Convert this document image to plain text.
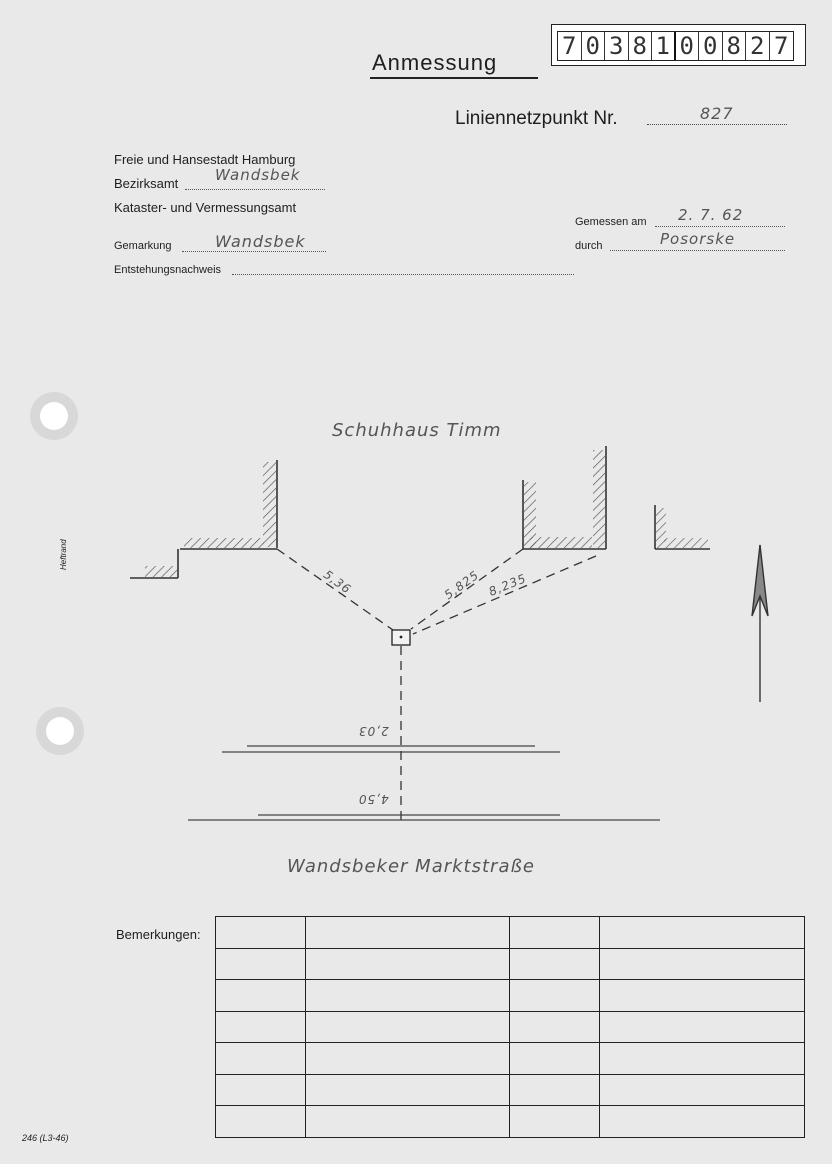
Anmessung
7 0 3 8 1 0 0 8 2 7
Liniennetzpunkt Nr.	827
Freie und Hansestadt Hamburg
Bezirksamt Wandsbek
Kataster- und Vermessungsamt
Gemarkung	Wandsbek
Entstehungsnachweis
Gemessen am 2. 7. 62
durch	Posorske
Heftrand
Schuhhaus Timm
Wandsbeker Marktstraße
5,36	5,825 8,235
2,03
4,50
Bemerkungen:

246 (L3-46)
